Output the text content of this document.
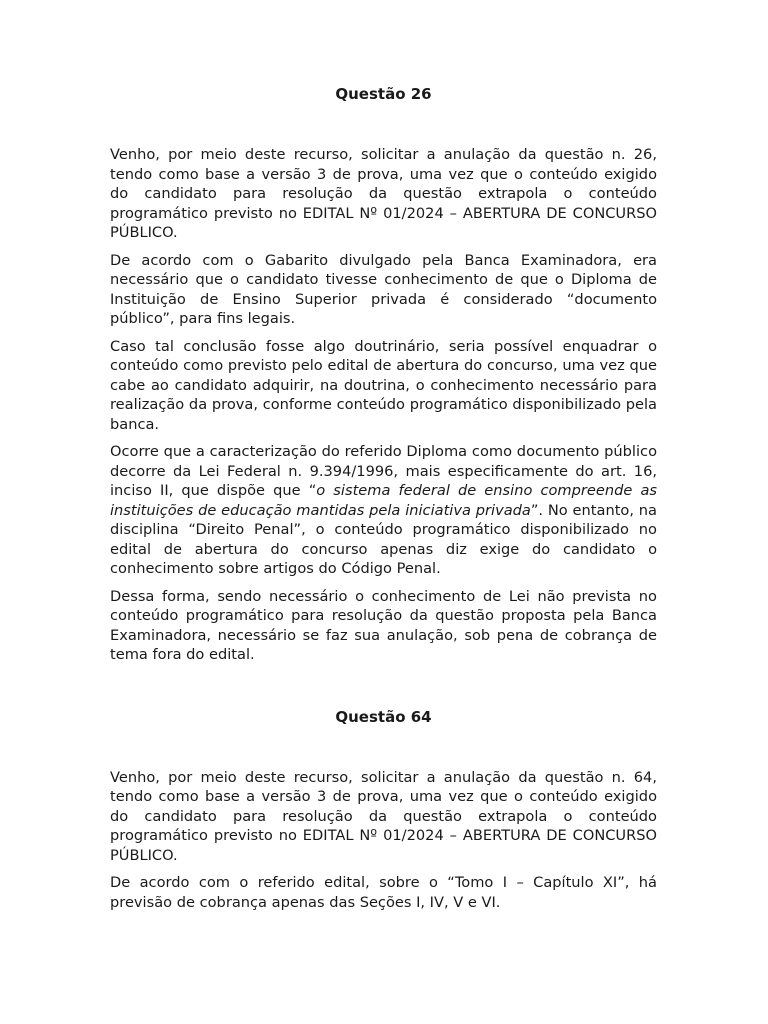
Questão 26

Venho, por meio deste recurso, solicitar a anulação da questão n. 26, tendo como base a versão 3 de prova, uma vez que o conteúdo exigido do candidato para resolução da questão extrapola o conteúdo programático previsto no EDITAL Nº 01/2024 – ABERTURA DE CONCURSO PÚBLICO.

De acordo com o Gabarito divulgado pela Banca Examinadora, era necessário que o candidato tivesse conhecimento de que o Diploma de Instituição de Ensino Superior privada é considerado “documento público”, para fins legais.

Caso tal conclusão fosse algo doutrinário, seria possível enquadrar o conteúdo como previsto pelo edital de abertura do concurso, uma vez que cabe ao candidato adquirir, na doutrina, o conhecimento necessário para realização da prova, conforme conteúdo programático disponibilizado pela banca.

Ocorre que a caracterização do referido Diploma como documento público decorre da Lei Federal n. 9.394/1996, mais especificamente do art. 16, inciso II, que dispõe que “o sistema federal de ensino compreende as instituições de educação mantidas pela iniciativa privada”. No entanto, na disciplina “Direito Penal”, o conteúdo programático disponibilizado no edital de abertura do concurso apenas diz exige do candidato o conhecimento sobre artigos do Código Penal.

Dessa forma, sendo necessário o conhecimento de Lei não prevista no conteúdo programático para resolução da questão proposta pela Banca Examinadora, necessário se faz sua anulação, sob pena de cobrança de tema fora do edital.

Questão 64

Venho, por meio deste recurso, solicitar a anulação da questão n. 64, tendo como base a versão 3 de prova, uma vez que o conteúdo exigido do candidato para resolução da questão extrapola o conteúdo programático previsto no EDITAL Nº 01/2024 – ABERTURA DE CONCURSO PÚBLICO.

De acordo com o referido edital, sobre o “Tomo I – Capítulo XI”, há previsão de cobrança apenas das Seções I, IV, V e VI.
